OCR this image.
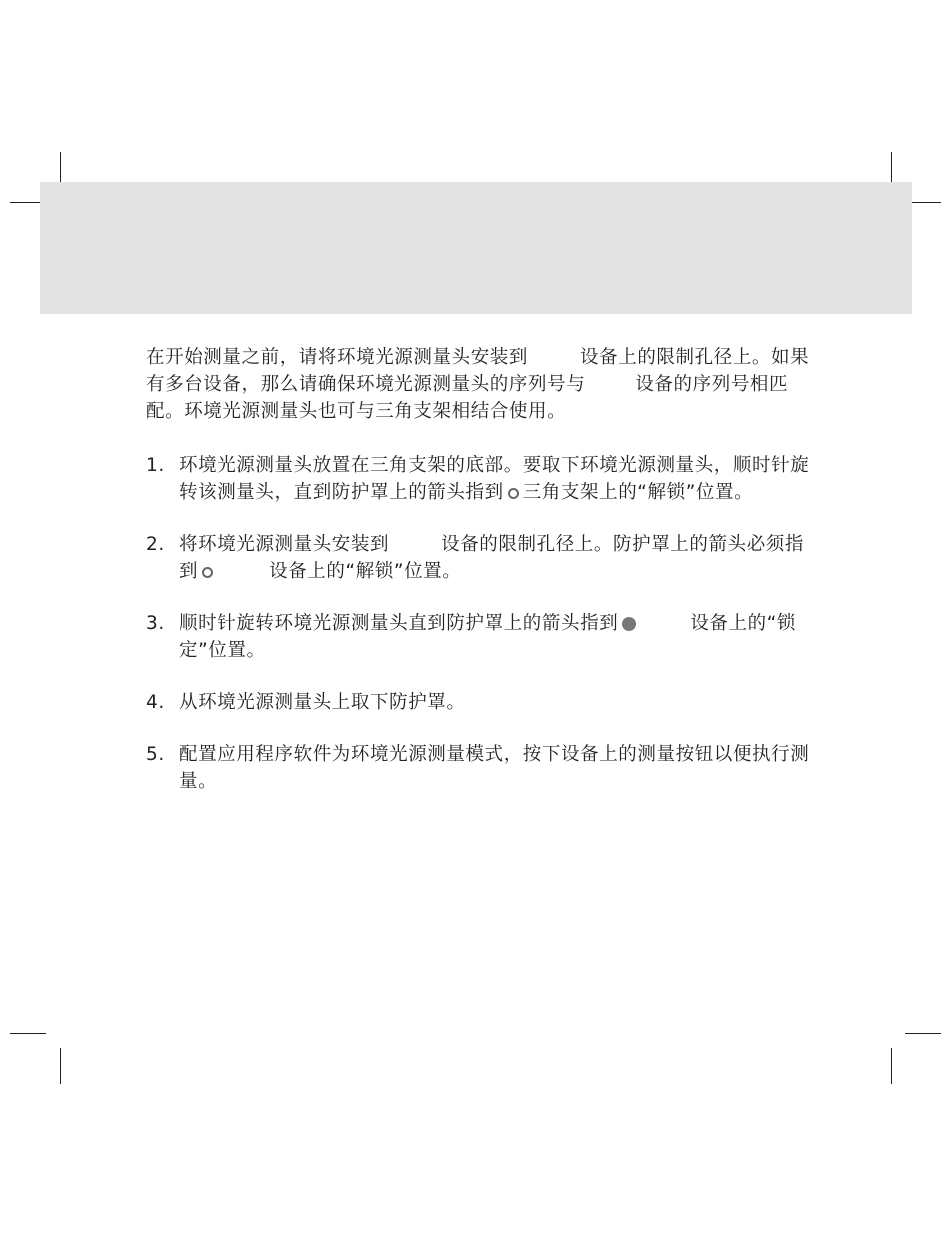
在开始测量之前，请将环境光源测量头安装到	设备上的限制孔径上。如果有多台设备，那么请确保环境光源测量头的序列号与	设备的序列号相匹配。环境光源测量头也可与三角支架相结合使用。

1. 环境光源测量头放置在三角支架的底部。要取下环境光源测量头，顺时针旋转该测量头，直到防护罩上的箭头指到 三角支架上的“解锁”位置。
2. 将环境光源测量头安装到	设备的限制孔径上。防护罩上的箭头必须指到	设备上的“解锁”位置。
3. 顺时针旋转环境光源测量头直到防护罩上的箭头指到	设备上的“锁定”位置。
4. 从环境光源测量头上取下防护罩。
5. 配置应用程序软件为环境光源测量模式，按下设备上的测量按钮以便执行测量。
